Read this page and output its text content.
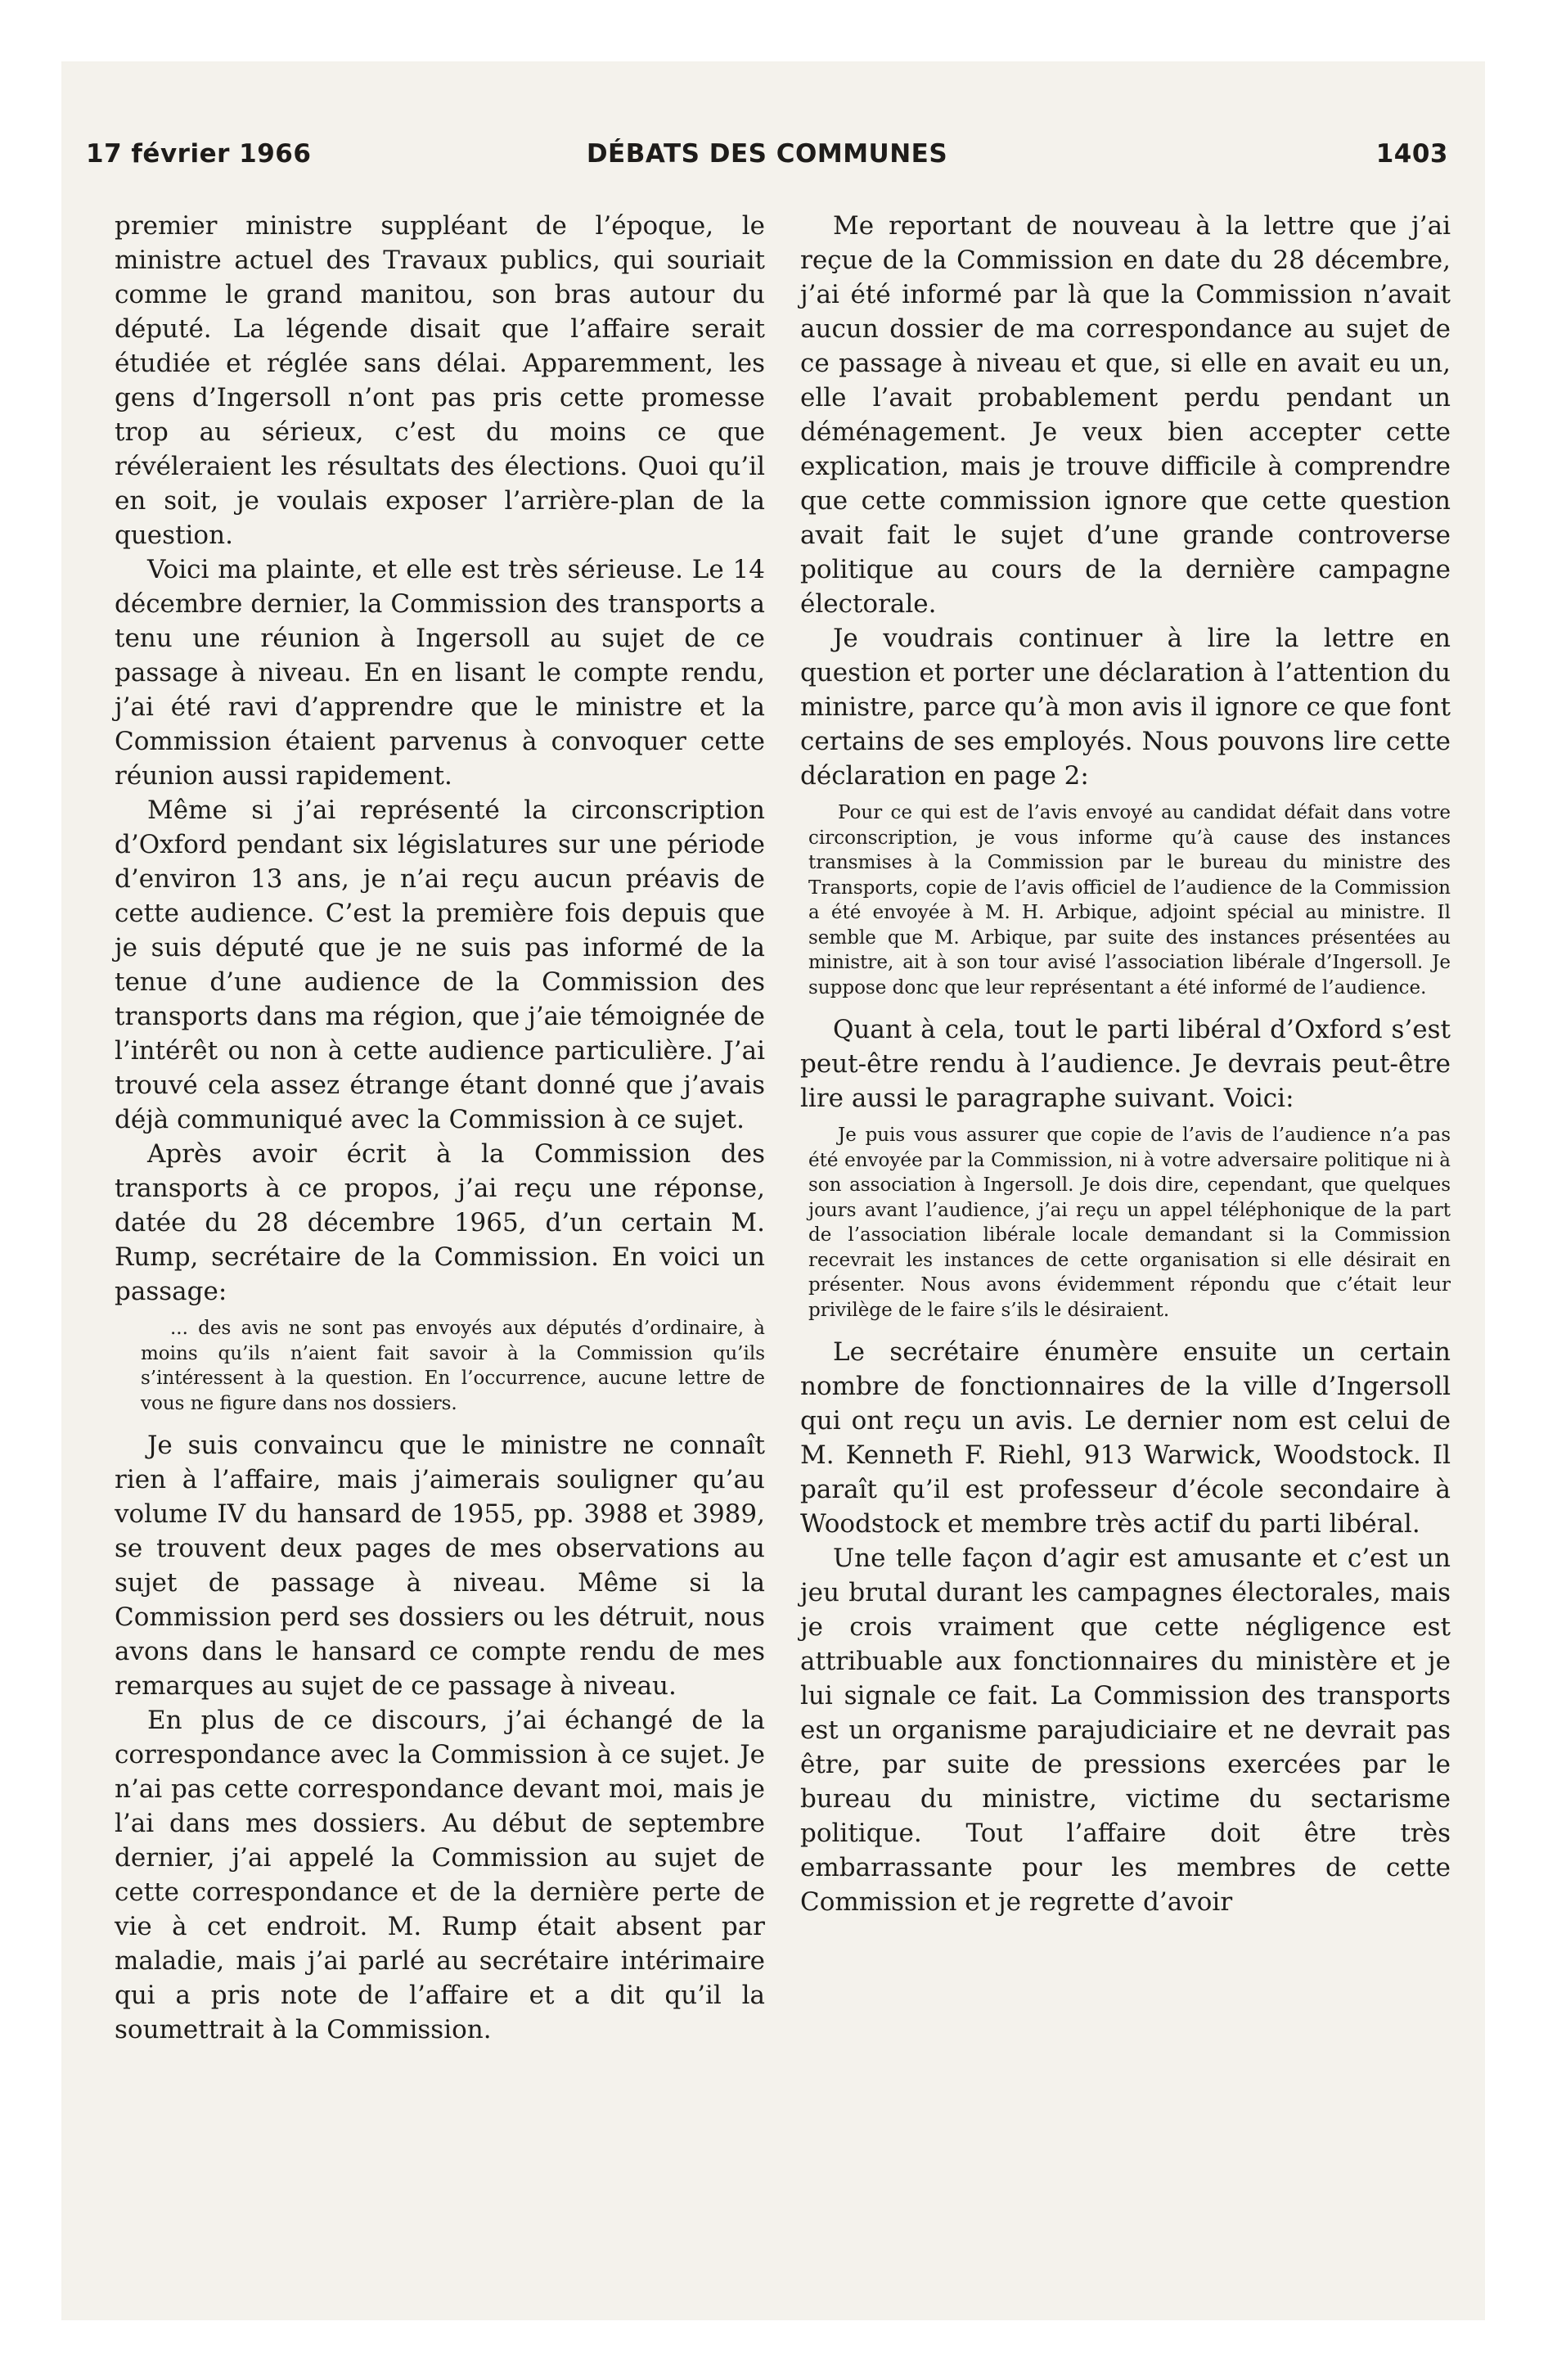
17 février 1966	DÉBATS DES COMMUNES	1403

premier ministre suppléant de l’époque, le ministre actuel des Travaux publics, qui souriait comme le grand manitou, son bras autour du député. La légende disait que l’affaire serait étudiée et réglée sans délai. Apparemment, les gens d’Ingersoll n’ont pas pris cette promesse trop au sérieux, c’est du moins ce que révéleraient les résultats des élections. Quoi qu’il en soit, je voulais exposer l’arrière-plan de la question.

Voici ma plainte, et elle est très sérieuse. Le 14 décembre dernier, la Commission des transports a tenu une réunion à Ingersoll au sujet de ce passage à niveau. En en lisant le compte rendu, j’ai été ravi d’apprendre que le ministre et la Commission étaient parvenus à convoquer cette réunion aussi rapidement.

Même si j’ai représenté la circonscription d’Oxford pendant six législatures sur une période d’environ 13 ans, je n’ai reçu aucun préavis de cette audience. C’est la première fois depuis que je suis député que je ne suis pas informé de la tenue d’une audience de la Commission des transports dans ma région, que j’aie témoignée de l’intérêt ou non à cette audience particulière. J’ai trouvé cela assez étrange étant donné que j’avais déjà communiqué avec la Commission à ce sujet.

Après avoir écrit à la Commission des transports à ce propos, j’ai reçu une réponse, datée du 28 décembre 1965, d’un certain M. Rump, secrétaire de la Commission. En voici un passage:

... des avis ne sont pas envoyés aux députés d’ordinaire, à moins qu’ils n’aient fait savoir à la Commission qu’ils s’intéressent à la question. En l’occurrence, aucune lettre de vous ne figure dans nos dossiers.

Je suis convaincu que le ministre ne connaît rien à l’affaire, mais j’aimerais souligner qu’au volume IV du hansard de 1955, pp. 3988 et 3989, se trouvent deux pages de mes observations au sujet de passage à niveau. Même si la Commission perd ses dossiers ou les détruit, nous avons dans le hansard ce compte rendu de mes remarques au sujet de ce passage à niveau.

En plus de ce discours, j’ai échangé de la correspondance avec la Commission à ce sujet. Je n’ai pas cette correspondance devant moi, mais je l’ai dans mes dossiers. Au début de septembre dernier, j’ai appelé la Commission au sujet de cette correspondance et de la dernière perte de vie à cet endroit. M. Rump était absent par maladie, mais j’ai parlé au secrétaire intérimaire qui a pris note de l’affaire et a dit qu’il la soumettrait à la Commission.

Me reportant de nouveau à la lettre que j’ai reçue de la Commission en date du 28 décembre, j’ai été informé par là que la Commission n’avait aucun dossier de ma correspondance au sujet de ce passage à niveau et que, si elle en avait eu un, elle l’avait probablement perdu pendant un déménagement. Je veux bien accepter cette explication, mais je trouve difficile à comprendre que cette commission ignore que cette question avait fait le sujet d’une grande controverse politique au cours de la dernière campagne électorale.

Je voudrais continuer à lire la lettre en question et porter une déclaration à l’attention du ministre, parce qu’à mon avis il ignore ce que font certains de ses employés. Nous pouvons lire cette déclaration en page 2:

Pour ce qui est de l’avis envoyé au candidat défait dans votre circonscription, je vous informe qu’à cause des instances transmises à la Commission par le bureau du ministre des Transports, copie de l’avis officiel de l’audience de la Commission a été envoyée à M. H. Arbique, adjoint spécial au ministre. Il semble que M. Arbique, par suite des instances présentées au ministre, ait à son tour avisé l’association libérale d’Ingersoll. Je suppose donc que leur représentant a été informé de l’audience.

Quant à cela, tout le parti libéral d’Oxford s’est peut-être rendu à l’audience. Je devrais peut-être lire aussi le paragraphe suivant. Voici:

Je puis vous assurer que copie de l’avis de l’audience n’a pas été envoyée par la Commission, ni à votre adversaire politique ni à son association à Ingersoll. Je dois dire, cependant, que quelques jours avant l’audience, j’ai reçu un appel téléphonique de la part de l’association libérale locale demandant si la Commission recevrait les instances de cette organisation si elle désirait en présenter. Nous avons évidemment répondu que c’était leur privilège de le faire s’ils le désiraient.

Le secrétaire énumère ensuite un certain nombre de fonctionnaires de la ville d’Ingersoll qui ont reçu un avis. Le dernier nom est celui de M. Kenneth F. Riehl, 913 Warwick, Woodstock. Il paraît qu’il est professeur d’école secondaire à Woodstock et membre très actif du parti libéral.

Une telle façon d’agir est amusante et c’est un jeu brutal durant les campagnes électorales, mais je crois vraiment que cette négligence est attribuable aux fonctionnaires du ministère et je lui signale ce fait. La Commission des transports est un organisme parajudiciaire et ne devrait pas être, par suite de pressions exercées par le bureau du ministre, victime du sectarisme politique. Tout l’affaire doit être très embarrassante pour les membres de cette Commission et je regrette d’avoir
